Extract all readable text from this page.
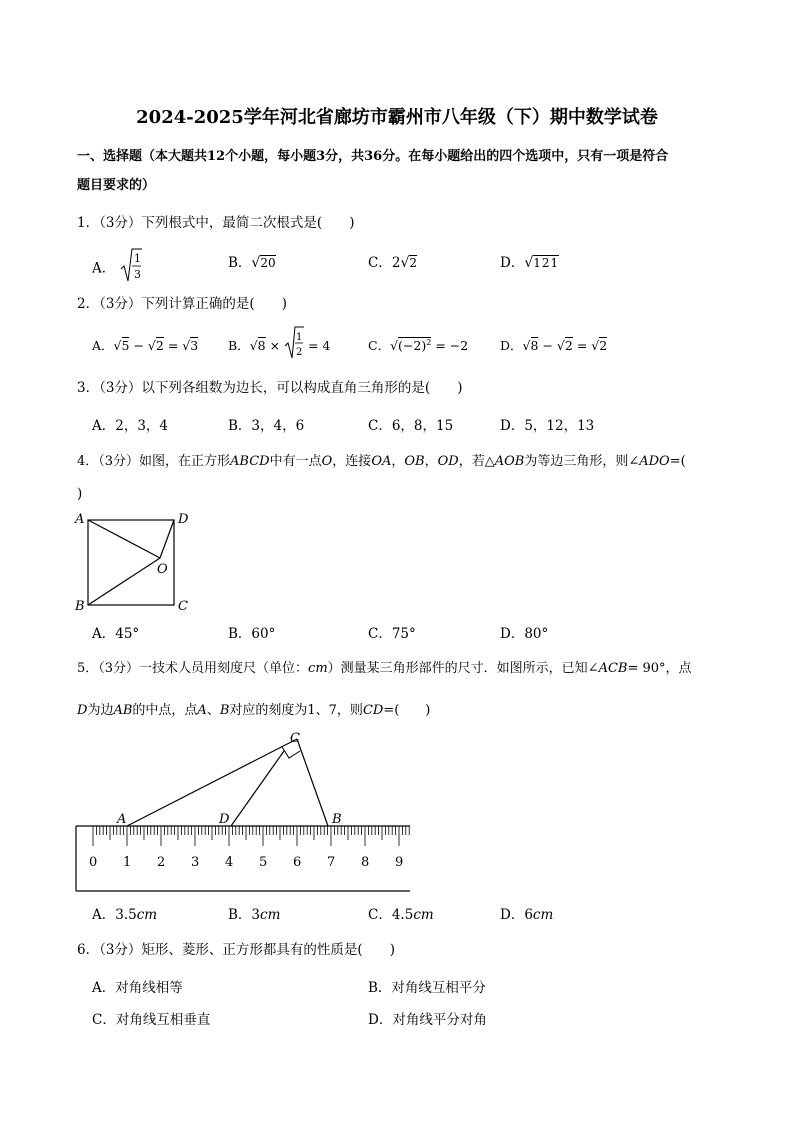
2024-2025学年河北省廊坊市霸州市八年级（下）期中数学试卷
一、选择题（本大题共12个小题，每小题3分，共36分。在每小题给出的四个选项中，只有一项是符合
题目要求的）
1．（3分）下列根式中，最简二次根式是(　　)
A．
1
3
B．√20	C．2√2	D．√121
2．（3分）下列计算正确的是(　　)
A．√5 − √2 = √3 B．√8 ×
1
2 = 4	C．$√(-2)^2 = -2$	D．√8 − √2 = √2
3．（3分）以下列各组数为边长，可以构成直角三角形的是(　　)
A．2，3，4	B．3，4，6	C．6，8，15	D．5，12，13
4．（3分）如图，在正方形ABCD中有一点O，连接OA，OB，OD，若△AOB为等边三角形，则∠ADO=(
)
A	D
O
B	C
A．45°	B．60°	C．75°	D．80°
5．（3分）一技术人员用刻度尺（单位：cm）测量某三角形部件的尺寸．如图所示，已知∠ACB= 90°，点
D为边AB的中点，点A、B对应的刻度为1、7，则CD=(　　)
0 1 2 3 4 5 6 7 8 9
A	B
C
D
A．3.5cm	B．3cm	C．4.5cm	D．6cm
6．（3分）矩形、菱形、正方形都具有的性质是(　　)
A．对角线相等	B．对角线互相平分
C．对角线互相垂直	D．对角线平分对角
